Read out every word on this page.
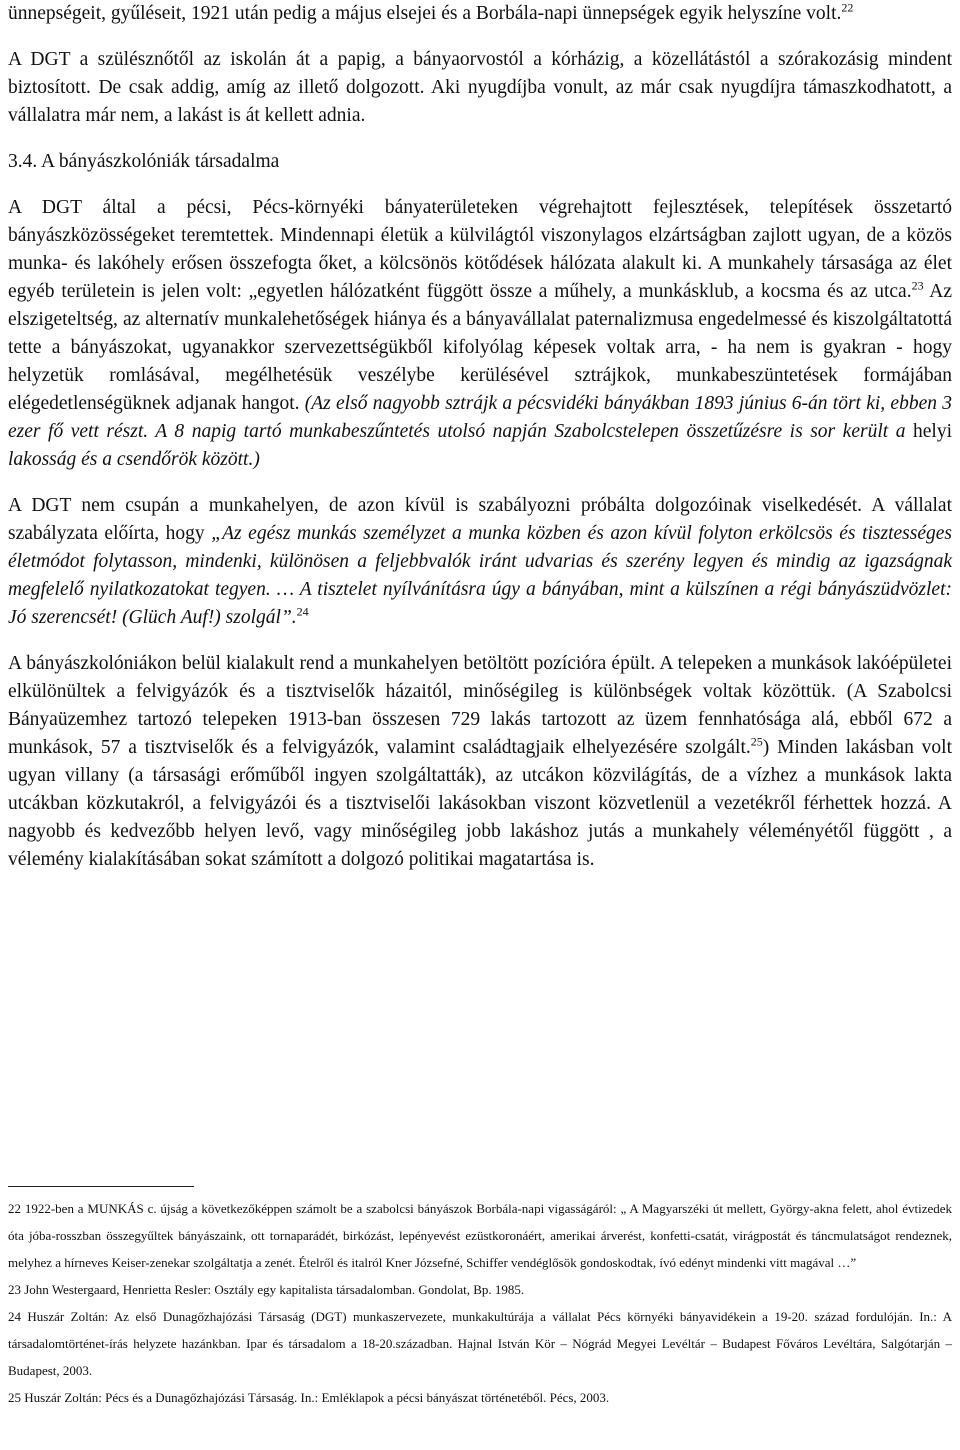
ünnepségeit, gyűléseit, 1921 után pedig a május elsejei és a Borbála-napi ünnepségek egyik helyszíne volt.$^{22}$

A DGT a szülésznőtől az iskolán át a papig, a bányaorvostól a kórházig, a közellátástól a szórakozásig mindent biztosított. De csak addig, amíg az illető dolgozott. Aki nyugdíjba vonult, az már csak nyugdíjra támaszkodhatott, a vállalatra már nem, a lakást is át kellett adnia.

3.4. A bányászkolóniák társadalma

A DGT által a pécsi, Pécs-környéki bányaterületeken végrehajtott fejlesztések, telepítések összetartó bányászközösségeket teremtettek. Mindennapi életük a külvilágtól viszonylagos elzártságban zajlott ugyan, de a közös munka- és lakóhely erősen összefogta őket, a kölcsönös kötődések hálózata alakult ki. A munkahely társasága az élet egyéb területein is jelen volt: „egyetlen hálózatként függött össze a műhely, a munkásklub, a kocsma és az utca.$^{23}$ Az elszigeteltség, az alternatív munkalehetőségek hiánya és a bányavállalat paternalizmusa engedelmessé és kiszolgáltatottá tette a bányászokat, ugyanakkor szervezettségükből kifolyólag képesek voltak arra, - ha nem is gyakran - hogy helyzetük romlásával, megélhetésük veszélybe kerülésével sztrájkok, munkabeszüntetések formájában elégedetlenségüknek adjanak hangot. (Az első nagyobb sztrájk a pécsvidéki bányákban 1893 június 6-án tört ki, ebben 3 ezer fő vett részt. A 8 napig tartó munkabeszűntetés utolsó napján Szabolcstelepen összetűzésre is sor került a helyi lakosság és a csendőrök között.)

A DGT nem csupán a munkahelyen, de azon kívül is szabályozni próbálta dolgozóinak viselkedését. A vállalat szabályzata előírta, hogy „Az egész munkás személyzet a munka közben és azon kívül folyton erkölcsös és tisztességes életmódot folytasson, mindenki, különösen a feljebbvalók iránt udvarias és szerény legyen és mindig az igazságnak megfelelő nyilatkozatokat tegyen. … A tisztelet nyílvánításra úgy a bányában, mint a külszínen a régi bányászüdvözlet: Jó szerencsét! (Glüch Auf!) szolgál”.$^{24}$

A bányászkolóniákon belül kialakult rend a munkahelyen betöltött pozícióra épült. A telepeken a munkások lakóépületei elkülönültek a felvigyázók és a tisztviselők házaitól, minőségileg is különbségek voltak közöttük. (A Szabolcsi Bányaüzemhez tartozó telepeken 1913-ban összesen 729 lakás tartozott az üzem fennhatósága alá, ebből 672 a munkások, 57 a tisztviselők és a felvigyázók, valamint családtagjaik elhelyezésére szolgált.$^{25}$) Minden lakásban volt ugyan villany (a társasági erőműből ingyen szolgáltatták), az utcákon közvilágítás, de a vízhez a munkások lakta utcákban közkutakról, a felvigyázói és a tisztviselői lakásokban viszont közvetlenül a vezetékről férhettek hozzá. A nagyobb és kedvezőbb helyen levő, vagy minőségileg jobb lakáshoz jutás a munkahely véleményétől függött , a vélemény kialakításában sokat számított a dolgozó politikai magatartása is.

22 1922-ben a MUNKÁS c. újság a következőképpen számolt be a szabolcsi bányászok Borbála-napi vigasságáról: „ A Magyarszéki út mellett, György-akna felett, ahol évtizedek óta jóba-rosszban összegyűltek bányászaink, ott tornaparádét, birkózást, lepényevést ezüstkoronáért, amerikai árverést, konfetti-csatát, virágpostát és táncmulatságot rendeznek, melyhez a hírneves Keiser-zenekar szolgáltatja a zenét. Ételről és italról Kner Józsefné, Schiffer vendéglősök gondoskodtak, ívó edényt mindenki vitt magával …”

23 John Westergaard, Henrietta Resler: Osztály egy kapitalista társadalomban. Gondolat, Bp. 1985.

24 Huszár Zoltán: Az első Dunagőzhajózási Társaság (DGT) munkaszervezete, munkakultúrája a vállalat Pécs környéki bányavidékein a 19-20. század fordulóján. In.: A társadalomtörténet-írás helyzete hazánkban. Ipar és társadalom a 18-20.században. Hajnal István Kör – Nógrád Megyei Levéltár – Budapest Főváros Levéltára, Salgótarján – Budapest, 2003.

25 Huszár Zoltán: Pécs és a Dunagőzhajózási Társaság. In.: Emléklapok a pécsi bányászat történetéből. Pécs, 2003.
